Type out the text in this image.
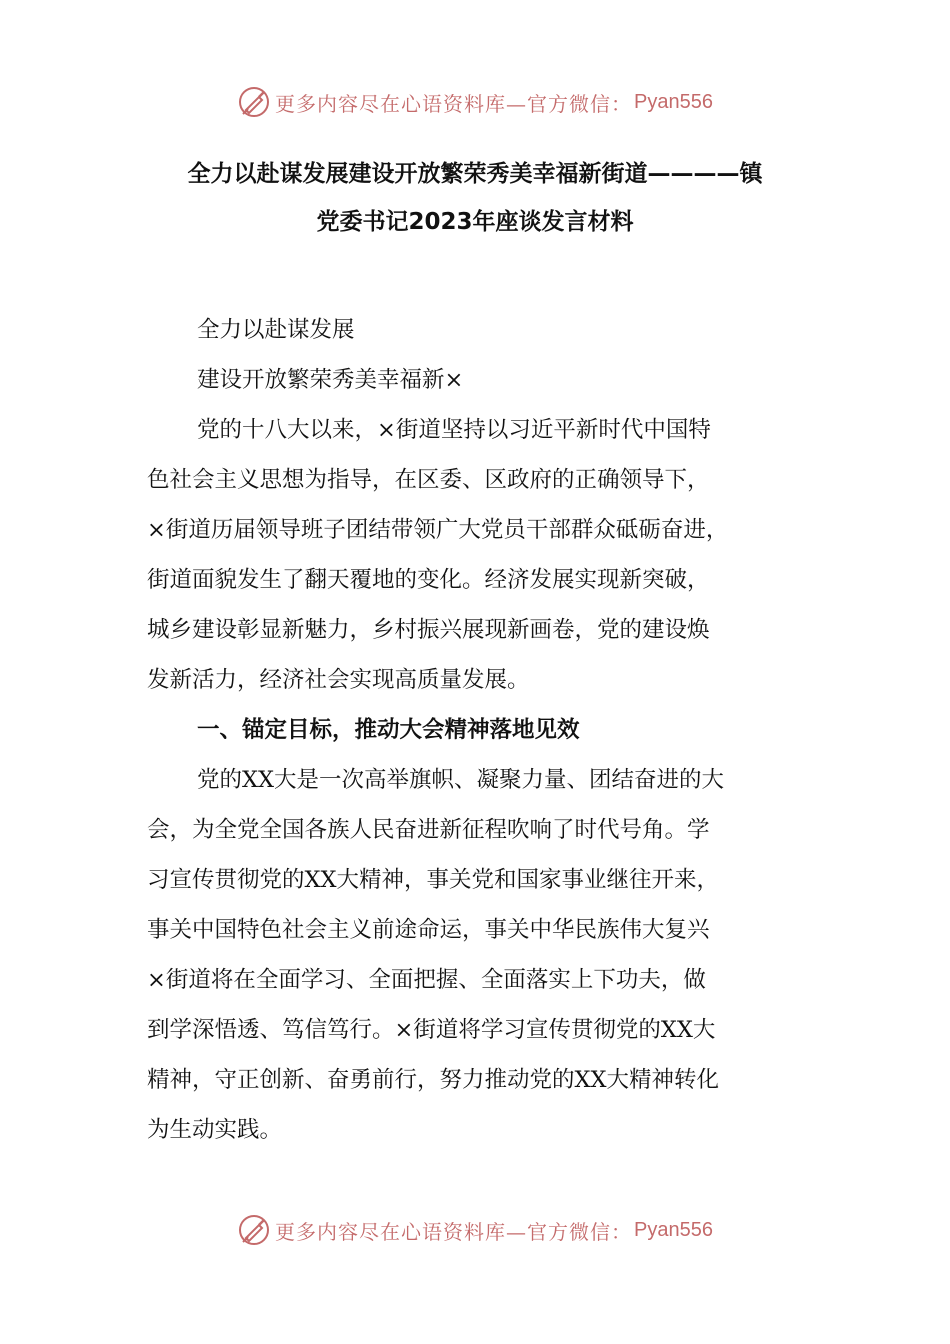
更多内容尽在心语资料库—官方微信： Pyan556
全力以赴谋发展建设开放繁荣秀美幸福新街道————镇
党委书记2023年座谈发言材料
全力以赴谋发展
建设开放繁荣秀美幸福新×
党的十八大以来，×街道坚持以习近平新时代中国特
色社会主义思想为指导，在区委、区政府的正确领导下，
×街道历届领导班子团结带领广大党员干部群众砥砺奋进，
街道面貌发生了翻天覆地的变化。经济发展实现新突破，
城乡建设彰显新魅力，乡村振兴展现新画卷，党的建设焕
发新活力，经济社会实现高质量发展。
一、锚定目标，推动大会精神落地见效
党的XX大是一次高举旗帜、凝聚力量、团结奋进的大
会，为全党全国各族人民奋进新征程吹响了时代号角。学
习宣传贯彻党的XX大精神，事关党和国家事业继往开来，
事关中国特色社会主义前途命运，事关中华民族伟大复兴
×街道将在全面学习、全面把握、全面落实上下功夫，做
到学深悟透、笃信笃行。×街道将学习宣传贯彻党的XX大
精神，守正创新、奋勇前行，努力推动党的XX大精神转化
为生动实践。
更多内容尽在心语资料库—官方微信： Pyan556
